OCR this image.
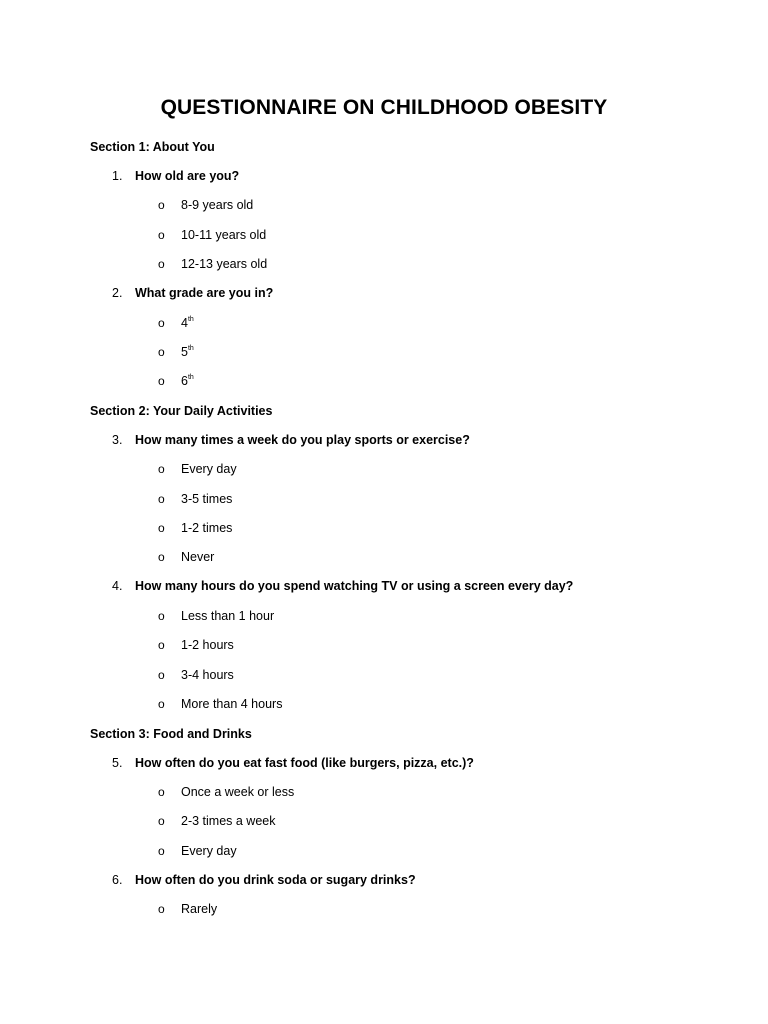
QUESTIONNAIRE ON CHILDHOOD OBESITY
Section 1: About You
1. How old are you?
o 8-9 years old
o 10-11 years old
o 12-13 years old
2. What grade are you in?
o 4th
o 5th
o 6th
Section 2: Your Daily Activities
3. How many times a week do you play sports or exercise?
o Every day
o 3-5 times
o 1-2 times
o Never
4. How many hours do you spend watching TV or using a screen every day?
o Less than 1 hour
o 1-2 hours
o 3-4 hours
o More than 4 hours
Section 3: Food and Drinks
5. How often do you eat fast food (like burgers, pizza, etc.)?
o Once a week or less
o 2-3 times a week
o Every day
6. How often do you drink soda or sugary drinks?
o Rarely
